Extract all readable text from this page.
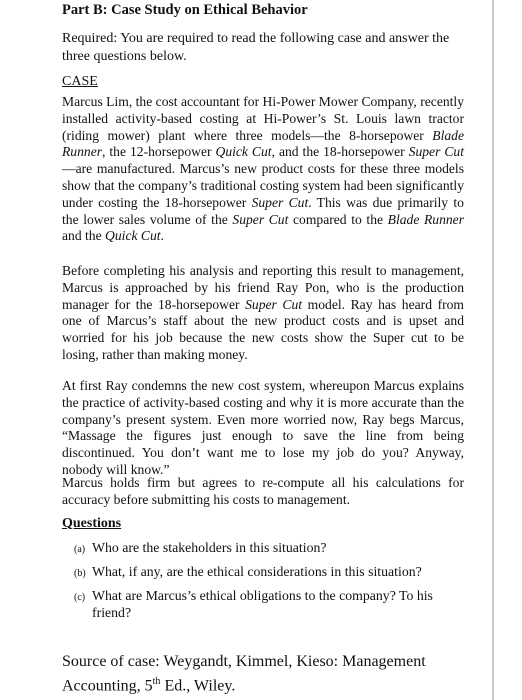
Part B: Case Study on Ethical Behavior
Required: You are required to read the following case and answer the three questions below.
CASE
Marcus Lim, the cost accountant for Hi-Power Mower Company, recently installed activity-based costing at Hi-Power’s St. Louis lawn tractor (riding mower) plant where three models—the 8-horsepower Blade Runner, the 12-horsepower Quick Cut, and the 18-horsepower Super Cut—are manufactured. Marcus’s new product costs for these three models show that the company’s traditional costing system had been significantly under costing the 18-horsepower Super Cut. This was due primarily to the lower sales volume of the Super Cut compared to the Blade Runner and the Quick Cut.
Before completing his analysis and reporting this result to management, Marcus is approached by his friend Ray Pon, who is the production manager for the 18-horsepower Super Cut model. Ray has heard from one of Marcus’s staff about the new product costs and is upset and worried for his job because the new costs show the Super cut to be losing, rather than making money.
At first Ray condemns the new cost system, whereupon Marcus explains the practice of activity-based costing and why it is more accurate than the company’s present system. Even more worried now, Ray begs Marcus, “Massage the figures just enough to save the line from being discontinued. You don’t want me to lose my job do you? Anyway, nobody will know.”
Marcus holds firm but agrees to re-compute all his calculations for accuracy before submitting his costs to management.
Questions
(a) Who are the stakeholders in this situation?
(b) What, if any, are the ethical considerations in this situation?
(c) What are Marcus’s ethical obligations to the company? To his friend?
Source of case: Weygandt, Kimmel, Kieso: Management Accounting, 5th Ed., Wiley.
